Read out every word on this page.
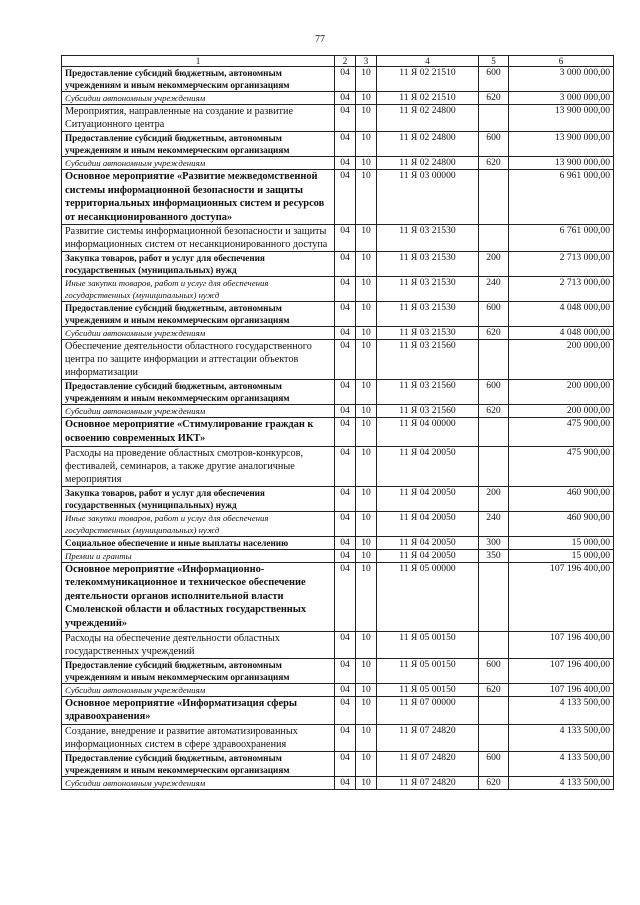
77
1	2	3	4	5	6
Предоставление субсидий бюджетным, автономным учреждениям и иным некоммерческим организациям	04	10	11 Я 02 21510	600	3 000 000,00
Субсидии автономным учреждениям	04	10	11 Я 02 21510	620	3 000 000,00
Мероприятия, направленные на создание и развитие Ситуационного центра	04	10	11 Я 02 24800		13 900 000,00
Предоставление субсидий бюджетным, автономным учреждениям и иным некоммерческим организациям	04	10	11 Я 02 24800	600	13 900 000,00
Субсидии автономным учреждениям	04	10	11 Я 02 24800	620	13 900 000,00
Основное мероприятие «Развитие межведомственной системы информационной безопасности и защиты территориальных информационных систем и ресурсов от несанкционированного доступа»	04	10	11 Я 03 00000		6 961 000,00
Развитие системы информационной безопасности и защиты информационных систем от несанкционированного доступа	04	10	11 Я 03 21530		6 761 000,00
Закупка товаров, работ и услуг для обеспечения государственных (муниципальных) нужд	04	10	11 Я 03 21530	200	2 713 000,00
Иные закупки товаров, работ и услуг для обеспечения государственных (муниципальных) нужд	04	10	11 Я 03 21530	240	2 713 000,00
Предоставление субсидий бюджетным, автономным учреждениям и иным некоммерческим организациям	04	10	11 Я 03 21530	600	4 048 000,00
Субсидии автономным учреждениям	04	10	11 Я 03 21530	620	4 048 000,00
Обеспечение деятельности областного государственного центра по защите информации и аттестации объектов информатизации	04	10	11 Я 03 21560		200 000,00
Предоставление субсидий бюджетным, автономным учреждениям и иным некоммерческим организациям	04	10	11 Я 03 21560	600	200 000,00
Субсидии автономным учреждениям	04	10	11 Я 03 21560	620	200 000,00
Основное мероприятие «Стимулирование граждан к освоению современных ИКТ»	04	10	11 Я 04 00000		475 900,00
Расходы на проведение областных смотров-конкурсов, фестивалей, семинаров, а также другие аналогичные мероприятия	04	10	11 Я 04 20050		475 900,00
Закупка товаров, работ и услуг для обеспечения государственных (муниципальных) нужд	04	10	11 Я 04 20050	200	460 900,00
Иные закупки товаров, работ и услуг для обеспечения государственных (муниципальных) нужд	04	10	11 Я 04 20050	240	460 900,00
Социальное обеспечение и иные выплаты населению	04	10	11 Я 04 20050	300	15 000,00
Премии и гранты	04	10	11 Я 04 20050	350	15 000,00
Основное мероприятие «Информационно-телекоммуникационное и техническое обеспечение деятельности органов исполнительной власти Смоленской области и областных государственных учреждений»	04	10	11 Я 05 00000		107 196 400,00
Расходы на обеспечение деятельности областных государственных учреждений	04	10	11 Я 05 00150		107 196 400,00
Предоставление субсидий бюджетным, автономным учреждениям и иным некоммерческим организациям	04	10	11 Я 05 00150	600	107 196 400,00
Субсидии автономным учреждениям	04	10	11 Я 05 00150	620	107 196 400,00
Основное мероприятие «Информатизация сферы здравоохранения»	04	10	11 Я 07 00000		4 133 500,00
Создание, внедрение и развитие автоматизированных информационных систем в сфере здравоохранения	04	10	11 Я 07 24820		4 133 500,00
Предоставление субсидий бюджетным, автономным учреждениям и иным некоммерческим организациям	04	10	11 Я 07 24820	600	4 133 500,00
Субсидии автономным учреждениям	04	10	11 Я 07 24820	620	4 133 500,00
